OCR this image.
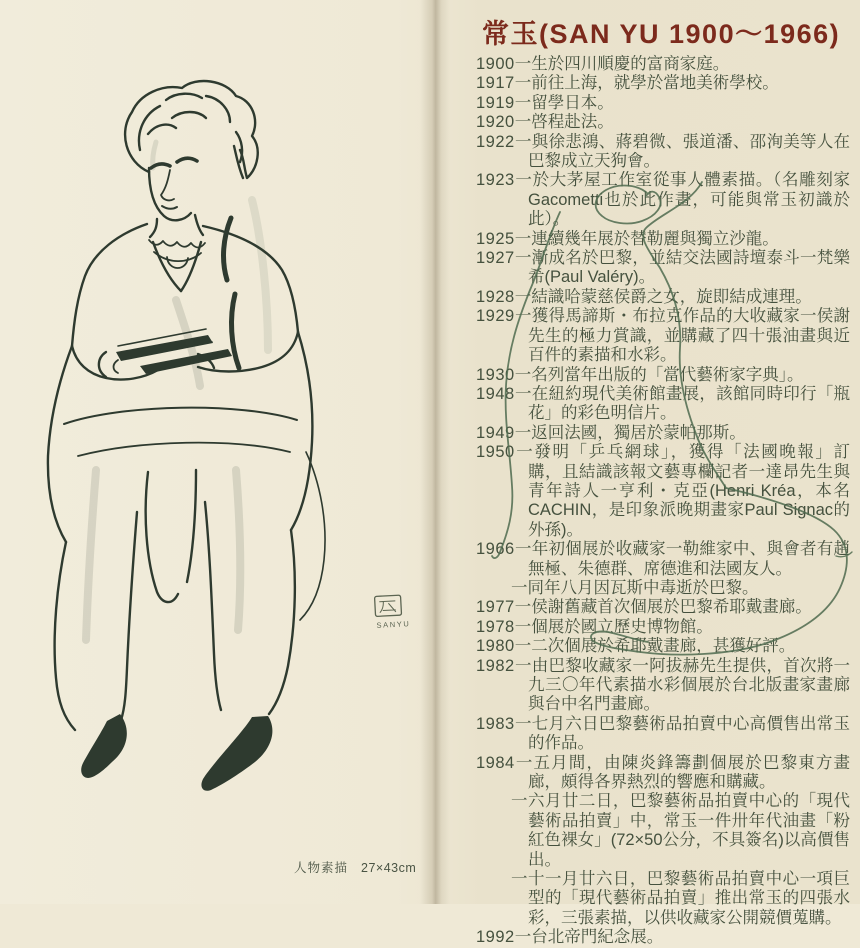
SANYU
人物素描 27×43cm
常玉(SAN YU 1900～1966)
1900一生於四川順慶的富商家庭。
1917一前往上海，就學於當地美術學校。
1919一留學日本。
1920一啓程赴法。
1922一與徐悲鴻、蔣碧微、張道潘、邵洵美等人在巴黎成立天狗會。
1923一於大茅屋工作室從事人體素描。（名雕刻家Gacometti也於此作畫，可能與常玉初識於此）。
1925一連續幾年展於替勒麗與獨立沙龍。
1927一漸成名於巴黎，並結交法國詩壇泰斗一梵樂希(Paul Valéry)。
1928一結識哈蒙慈侯爵之女，旋即結成連理。
1929一獲得馬諦斯・布拉克作品的大收藏家一侯謝先生的極力賞識，並購藏了四十張油畫與近百件的素描和水彩。
1930一名列當年出版的「當代藝術家字典」。
1948一在紐約現代美術館畫展，該館同時印行「瓶花」的彩色明信片。
1949一返回法國，獨居於蒙帕那斯。
1950一發明「乒乓網球」，獲得「法國晚報」訂購，且結識該報文藝專欄記者一達昂先生與青年詩人一亨利・克亞(Henri Kréa，本名CACHIN，是印象派晚期畫家Paul Signac的外孫)。
1966一年初個展於收藏家一勒維家中、與會者有趙無極、朱德群、席德進和法國友人。
一同年八月因瓦斯中毒逝於巴黎。
1977一侯謝舊藏首次個展於巴黎希耶戴畫廊。
1978一個展於國立歷史博物館。
1980一二次個展於希耶戴畫廊，甚獲好評。
1982一由巴黎收藏家一阿拔赫先生提供，首次將一九三〇年代素描水彩個展於台北版畫家畫廊與台中名門畫廊。
1983一七月六日巴黎藝術品拍賣中心高價售出常玉的作品。
1984一五月間，由陳炎鋒籌劃個展於巴黎東方畫廊，頗得各界熱烈的響應和購藏。
一六月廿二日，巴黎藝術品拍賣中心的「現代藝術品拍賣」中，常玉一件卅年代油畫「粉紅色裸女」(72×50公分，不具簽名)以高價售出。
一十一月廿六日，巴黎藝術品拍賣中心一項巨型的「現代藝術品拍賣」推出常玉的四張水彩，三張素描，以供收藏家公開競價蒐購。
1992一台北帝門紀念展。
